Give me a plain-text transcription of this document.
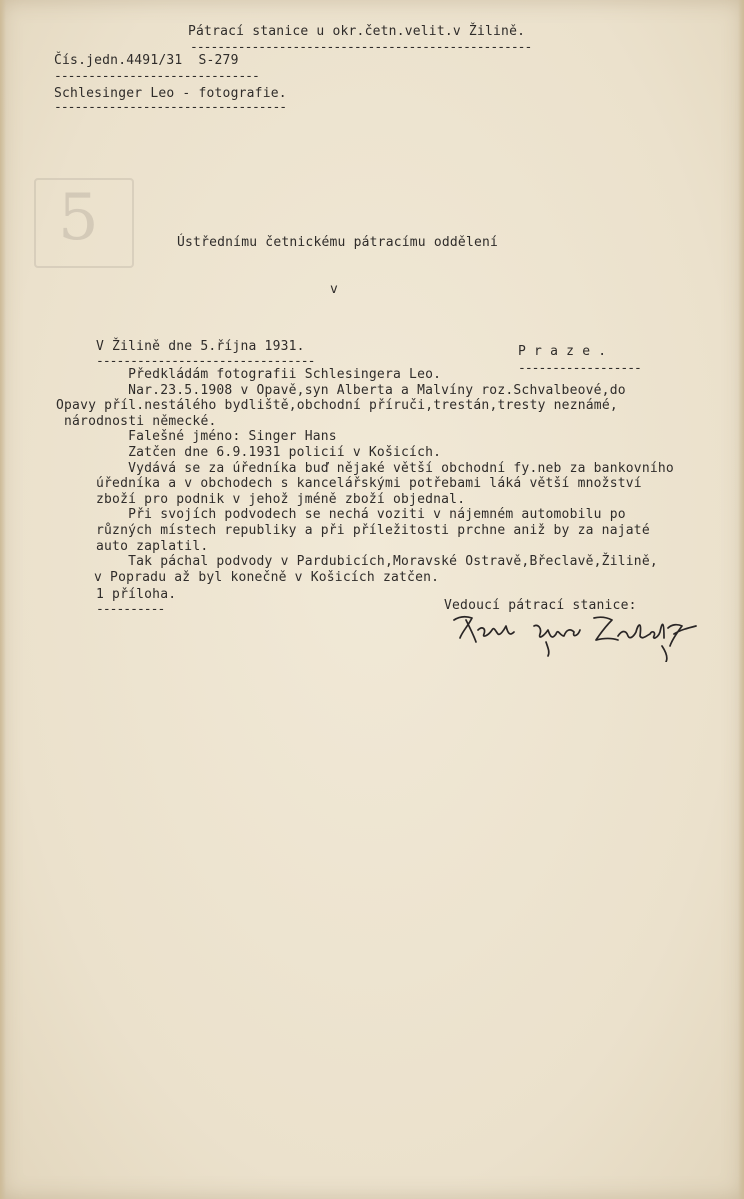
5
Pátrací stanice u okr.četn.velit.v Žilině.
--------------------------------------------------
Čís.jedn.4491/31  S-279
------------------------------
Schlesinger Leo - fotografie.
----------------------------------
Ústřednímu četnickému pátracímu oddělení
v
V Žilině dne 5.října 1931.
--------------------------------
P r a z e .
------------------
Předkládám fotografii Schlesingera Leo.
Nar.23.5.1908 v Opavě,syn Alberta a Malvíny roz.Schvalbeové,do
Opavy příl.nestálého bydliště,obchodní příruči,trestán,tresty neznámé,
národnosti německé.
Falešné jméno: Singer Hans
Zatčen dne 6.9.1931 policií v Košicích.
Vydává se za úředníka buď nějaké větší obchodní fy.neb za bankovního
úředníka a v obchodech s kancelářskými potřebami láká větší množství
zboží pro podnik v jehož jméně zboží objednal.
Při svojích podvodech se nechá voziti v nájemném automobilu po
různých místech republiky a při příležitosti prchne aniž by za najaté
auto zaplatil.
Tak páchal podvody v Pardubicích,Moravské Ostravě,Břeclavě,Žilině,
v Popradu až byl konečně v Košicích zatčen.
1 příloha.
----------	Vedoucí pátrací stanice:
